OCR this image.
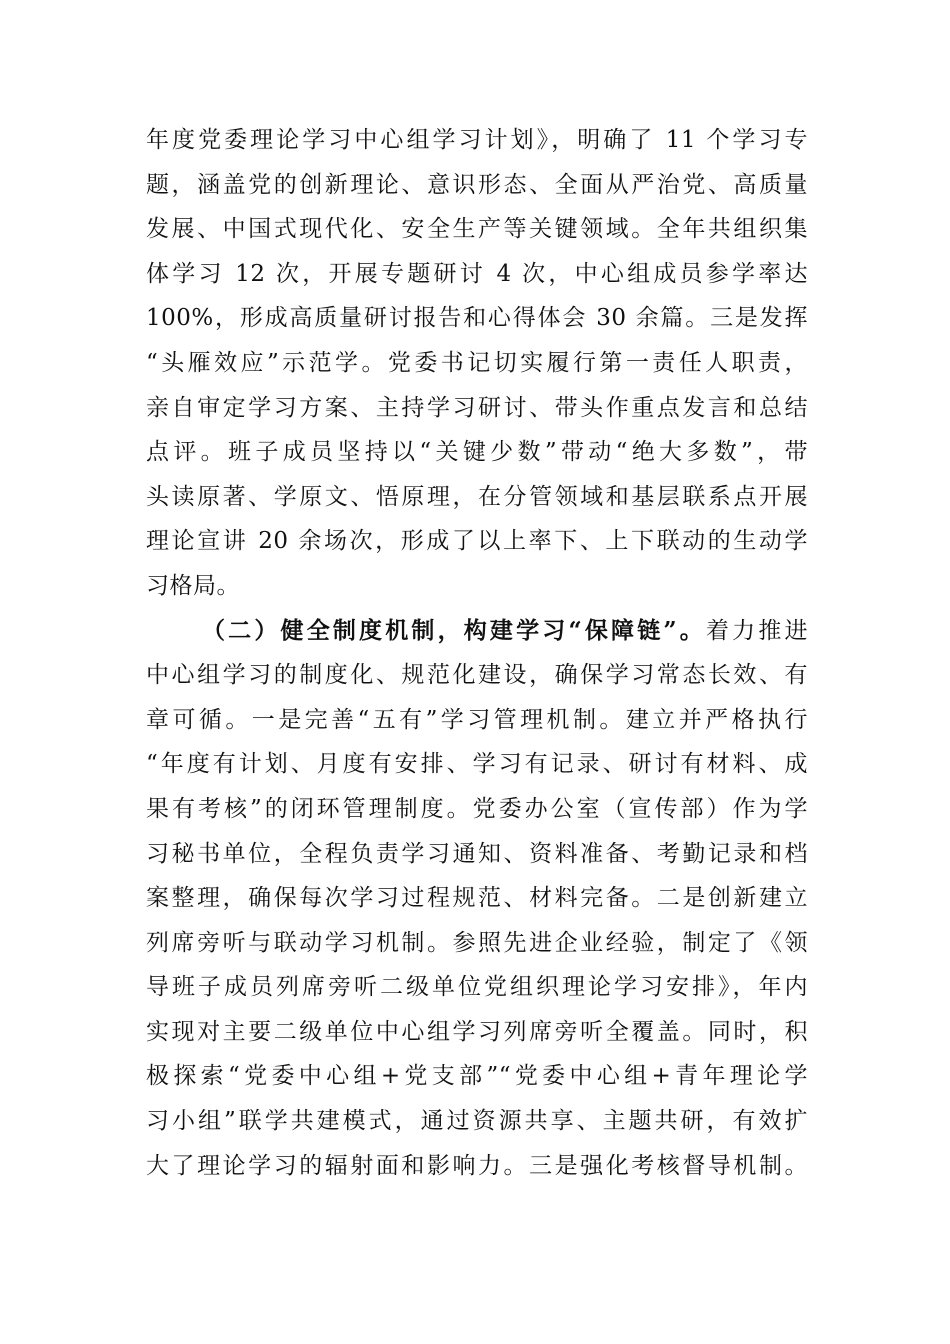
年度党委理论学习中心组学习计划》，明确了 11 个学习专
题，涵盖党的创新理论、意识形态、全面从严治党、高质量
发展、中国式现代化、安全生产等关键领域。全年共组织集
体学习 12 次，开展专题研讨 4 次，中心组成员参学率达
100%，形成高质量研讨报告和心得体会 30 余篇。三是发挥
“头雁效应”示范学。党委书记切实履行第一责任人职责，
亲自审定学习方案、主持学习研讨、带头作重点发言和总结
点评。班子成员坚持以“关键少数”带动“绝大多数”，带
头读原著、学原文、悟原理，在分管领域和基层联系点开展
理论宣讲 20 余场次，形成了以上率下、上下联动的生动学
习格局。
（二）健全制度机制，构建学习“保障链”。着力推进
中心组学习的制度化、规范化建设，确保学习常态长效、有
章可循。一是完善“五有”学习管理机制。建立并严格执行
“年度有计划、月度有安排、学习有记录、研讨有材料、成
果有考核”的闭环管理制度。党委办公室（宣传部）作为学
习秘书单位，全程负责学习通知、资料准备、考勤记录和档
案整理，确保每次学习过程规范、材料完备。二是创新建立
列席旁听与联动学习机制。参照先进企业经验，制定了《领
导班子成员列席旁听二级单位党组织理论学习安排》，年内
实现对主要二级单位中心组学习列席旁听全覆盖。同时，积
极探索“党委中心组+党支部”“党委中心组+青年理论学
习小组”联学共建模式，通过资源共享、主题共研，有效扩
大了理论学习的辐射面和影响力。三是强化考核督导机制。
